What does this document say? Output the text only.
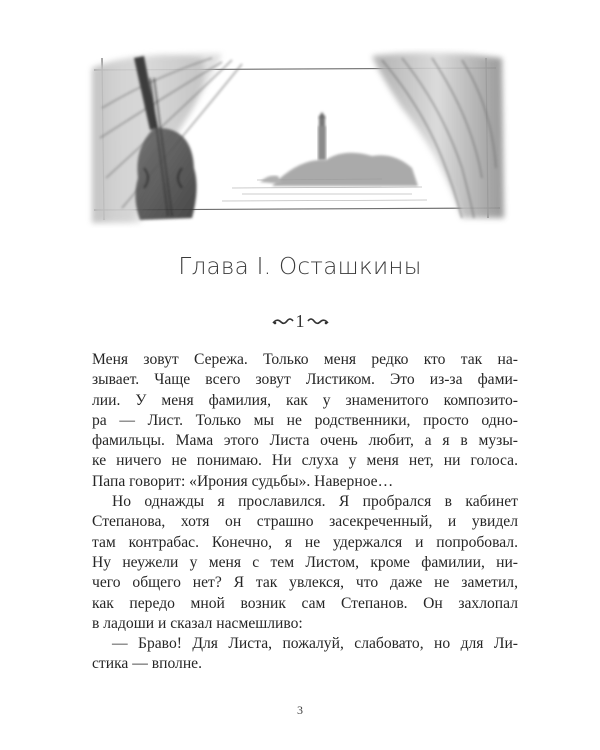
Глава I. Осташкины
1
Меня зовут Сережа. Только меня редко кто так на-
зывает. Чаще всего зовут Листиком. Это из-за фами-
лии. У меня фамилия, как у знаменитого композито-
ра — Лист. Только мы не родственники, просто одно-
фамильцы. Мама этого Листа очень любит, а я в музы-
ке ничего не понимаю. Ни слуха у меня нет, ни голоса.
Папа говорит: «Ирония судьбы». Наверное…
Но однажды я прославился. Я пробрался в кабинет
Степанова, хотя он страшно засекреченный, и увидел
там контрабас. Конечно, я не удержался и попробовал.
Ну неужели у меня с тем Листом, кроме фамилии, ни-
чего общего нет? Я так увлекся, что даже не заметил,
как передо мной возник сам Степанов. Он захлопал
в ладоши и сказал насмешливо:
— Браво! Для Листа, пожалуй, слабовато, но для Ли-
стика — вполне.
3
